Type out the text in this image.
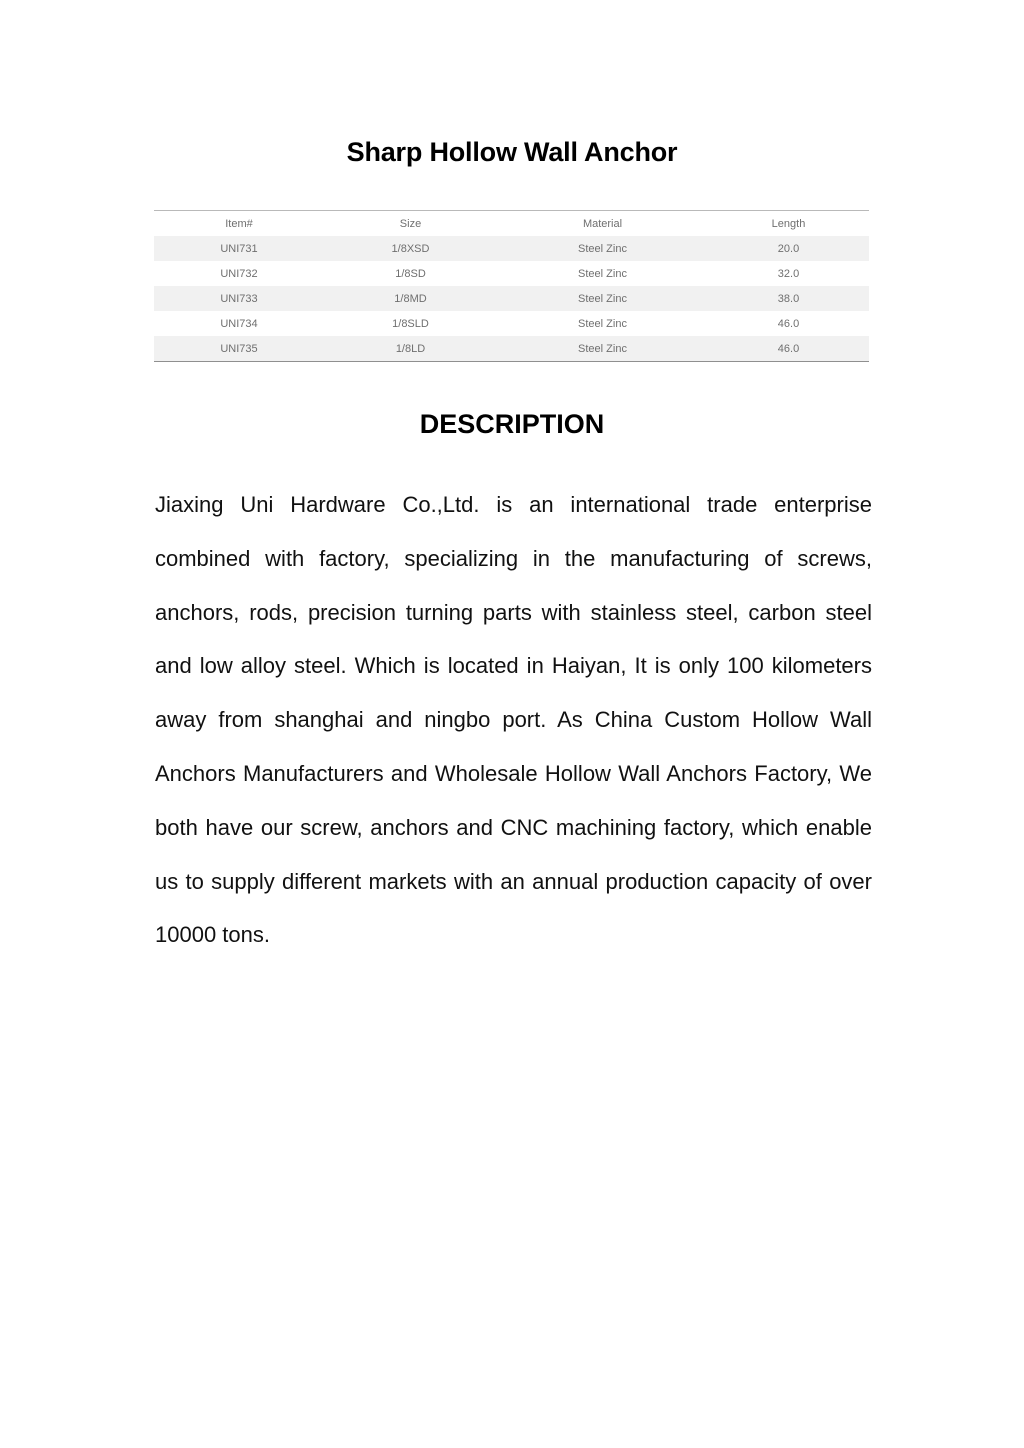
Sharp Hollow Wall Anchor
Item#	Size	Material	Length
UNI731	1/8XSD	Steel Zinc	20.0
UNI732	1/8SD	Steel Zinc	32.0
UNI733	1/8MD	Steel Zinc	38.0
UNI734	1/8SLD	Steel Zinc	46.0
UNI735	1/8LD	Steel Zinc	46.0
DESCRIPTION

Jiaxing Uni Hardware Co.,Ltd. is an international trade enterprise combined with factory, specializing in the manufacturing of screws, anchors, rods, precision turning parts with stainless steel, carbon steel and low alloy steel. Which is located in Haiyan, It is only 100 kilometers away from shanghai and ningbo port. As China Custom Hollow Wall Anchors Manufacturers and Wholesale Hollow Wall Anchors Factory, We both have our screw, anchors and CNC machining factory, which enable us to supply different markets with an annual production capacity of over 10000 tons.
